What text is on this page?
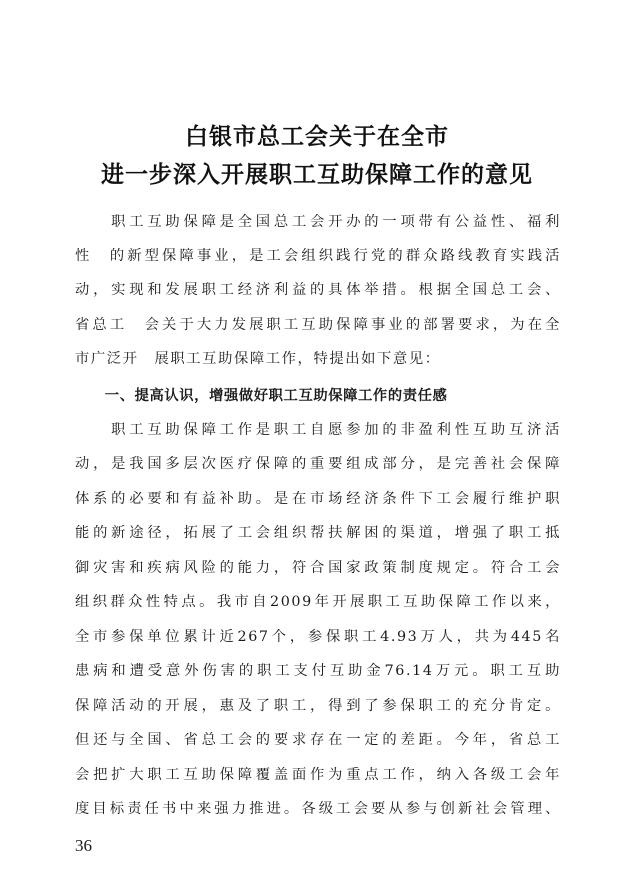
白银市总工会关于在全市
进一步深入开展职工互助保障工作的意见
　　职工互助保障是全国总工会开办的一项带有公益性、福利
性　的新型保障事业，是工会组织践行党的群众路线教育实践活
动，实现和发展职工经济利益的具体举措。根据全国总工会、
省总工　会关于大力发展职工互助保障事业的部署要求，为在全
市广泛开　展职工互助保障工作，特提出如下意见：
　　一、提高认识，增强做好职工互助保障工作的责任感
　　职工互助保障工作是职工自愿参加的非盈利性互助互济活
动，是我国多层次医疗保障的重要组成部分，是完善社会保障
体系的必要和有益补助。是在市场经济条件下工会履行维护职
能的新途径，拓展了工会组织帮扶解困的渠道，增强了职工抵
御灾害和疾病风险的能力，符合国家政策制度规定。符合工会
组织群众性特点。我市自2009年开展职工互助保障工作以来，
全市参保单位累计近267个，参保职工4.93万人，共为445名
患病和遭受意外伤害的职工支付互助金76.14万元。职工互助
保障活动的开展，惠及了职工，得到了参保职工的充分肯定。
但还与全国、省总工会的要求存在一定的差距。今年，省总工
会把扩大职工互助保障覆盖面作为重点工作，纳入各级工会年
度目标责任书中来强力推进。各级工会要从参与创新社会管理、
36
